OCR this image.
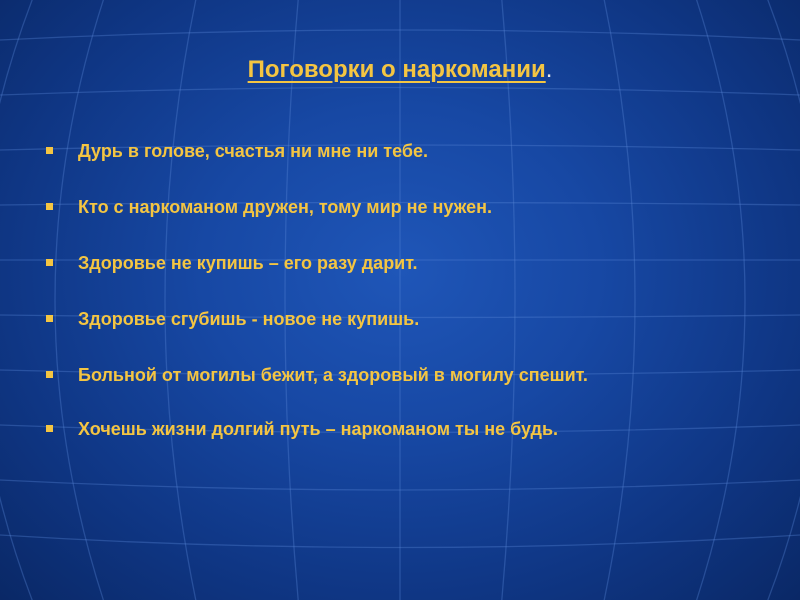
Поговорки о наркомании.
Дурь в голове, счастья ни мне ни тебе.
Кто с наркоманом дружен, тому мир не нужен.
Здоровье не купишь – его разу дарит.
Здоровье сгубишь - новое не купишь.
Больной от могилы бежит, а здоровый в могилу спешит.
Хочешь жизни долгий путь – наркоманом ты не будь.
